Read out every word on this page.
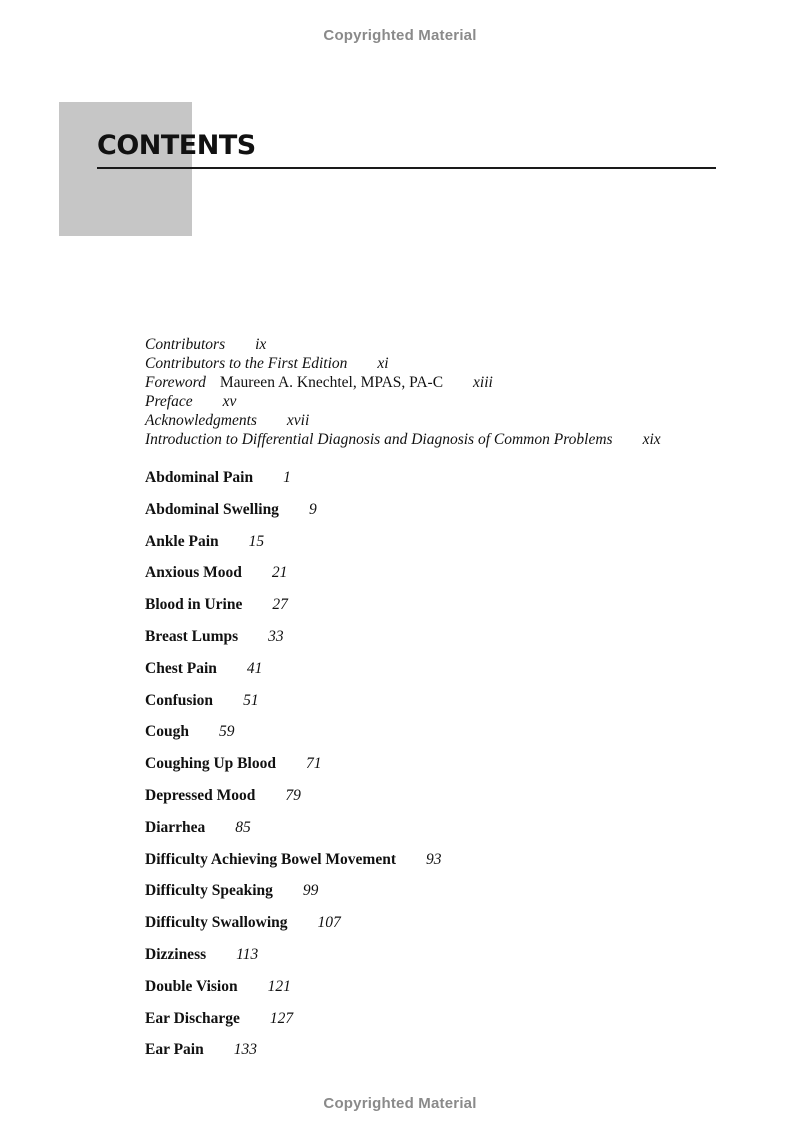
Copyrighted Material
CONTENTS
Contributors ix
Contributors to the First Edition xi
Foreword Maureen A. Knechtel, MPAS, PA-C xiii
Preface xv
Acknowledgments xvii
Introduction to Differential Diagnosis and Diagnosis of Common Problems xix
Abdominal Pain 1
Abdominal Swelling 9
Ankle Pain 15
Anxious Mood 21
Blood in Urine 27
Breast Lumps 33
Chest Pain 41
Confusion 51
Cough 59
Coughing Up Blood 71
Depressed Mood 79
Diarrhea 85
Difficulty Achieving Bowel Movement 93
Difficulty Speaking 99
Difficulty Swallowing 107
Dizziness 113
Double Vision 121
Ear Discharge 127
Ear Pain 133
Copyrighted Material
